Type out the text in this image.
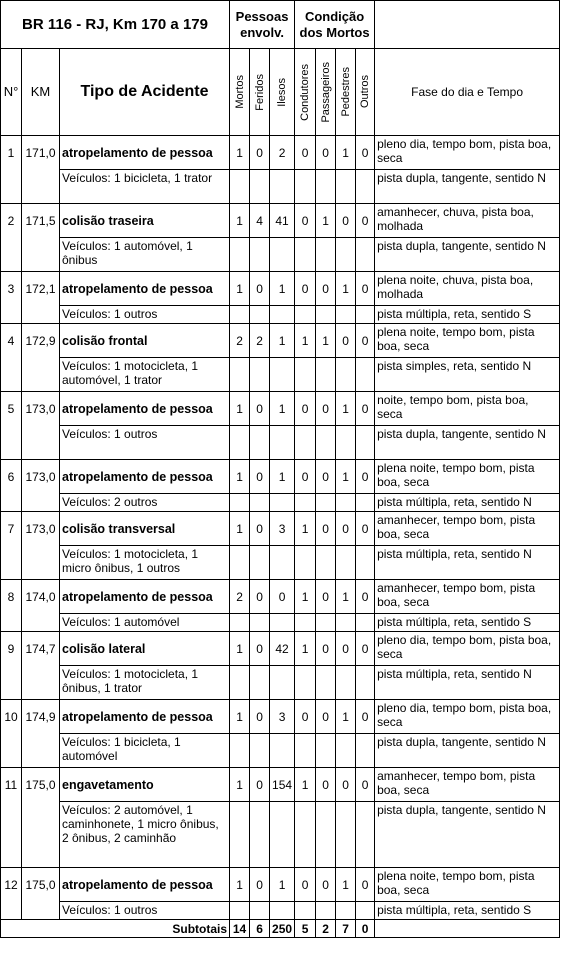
BR 116 - RJ, Km 170 a 179			Pessoas envolv.			Condição dos Mortos				
N°	KM	Tipo de Acidente	Mortos	Feridos	Ilesos	Condutores	Passageiros	Pedestres	Outros	Fase do dia e Tempo
1	171,0	atropelamento de pessoa	1	0	2	0	0	1	0	pleno dia, tempo bom, pista boa, seca
		Veículos: 1 bicicleta, 1 trator								pista dupla, tangente, sentido N
2	171,5	colisão traseira	1	4	41	0	1	0	0	amanhecer, chuva, pista boa, molhada
		Veículos: 1 automóvel, 1 ônibus								pista dupla, tangente, sentido N
3	172,1	atropelamento de pessoa	1	0	1	0	0	1	0	plena noite, chuva, pista boa, molhada
		Veículos: 1 outros								pista múltipla, reta, sentido S
4	172,9	colisão frontal	2	2	1	1	1	0	0	plena noite, tempo bom, pista boa, seca
		Veículos: 1 motocicleta, 1 automóvel, 1 trator								pista simples, reta, sentido N
5	173,0	atropelamento de pessoa	1	0	1	0	0	1	0	noite, tempo bom, pista boa, seca
		Veículos: 1 outros								pista dupla, tangente, sentido N
6	173,0	atropelamento de pessoa	1	0	1	0	0	1	0	plena noite, tempo bom, pista boa, seca
		Veículos: 2 outros								pista múltipla, reta, sentido N
7	173,0	colisão transversal	1	0	3	1	0	0	0	amanhecer, tempo bom, pista boa, seca
		Veículos: 1 motocicleta, 1 micro ônibus, 1 outros								pista múltipla, reta, sentido N
8	174,0	atropelamento de pessoa	2	0	0	1	0	1	0	amanhecer, tempo bom, pista boa, seca
		Veículos: 1 automóvel								pista múltipla, reta, sentido S
9	174,7	colisão lateral	1	0	42	1	0	0	0	pleno dia, tempo bom, pista boa, seca
		Veículos: 1 motocicleta, 1 ônibus, 1 trator								pista múltipla, reta, sentido N
10	174,9	atropelamento de pessoa	1	0	3	0	0	1	0	pleno dia, tempo bom, pista boa, seca
		Veículos: 1 bicicleta, 1 automóvel								pista dupla, tangente, sentido N
11	175,0	engavetamento	1	0	154	1	0	0	0	amanhecer, tempo bom, pista boa, seca
		Veículos: 2 automóvel, 1 caminhonete, 1 micro ônibus, 2 ônibus, 2 caminhão								pista dupla, tangente, sentido N
12	175,0	atropelamento de pessoa	1	0	1	0	0	1	0	plena noite, tempo bom, pista boa, seca
		Veículos: 1 outros								pista múltipla, reta, sentido S
Subtotais			14	6	250	5	2	7	0	
